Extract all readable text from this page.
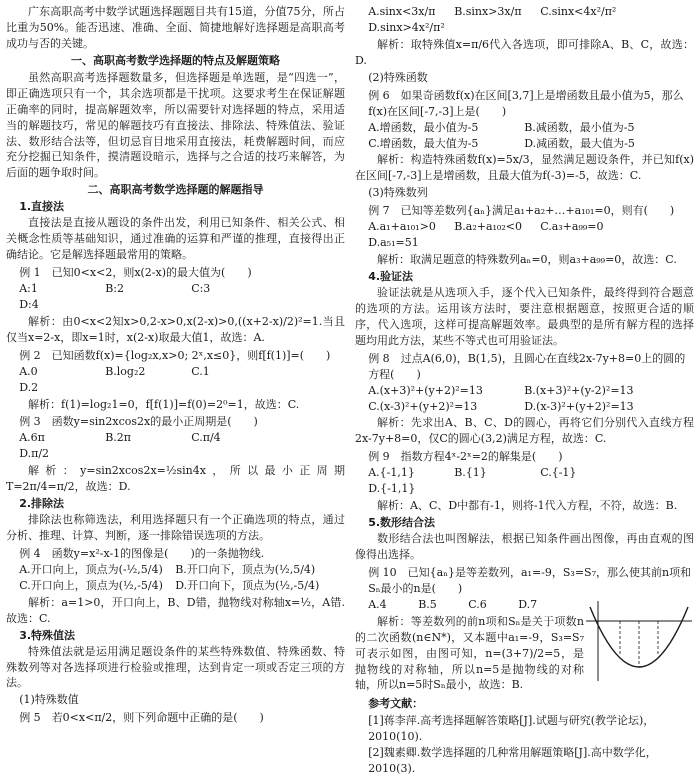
广东高职高考中数学试题选择题题目共有15道，分值75分，所占比重为50%。能否迅速、准确、全面、简捷地解好选择题是高职高考成功与否的关键。

一、高职高考数学选择题的特点及解题策略

虽然高职高考选择题数量多，但选择题是单选题，是“四选一”，即正确选项只有一个，其余选项都是干扰项。这要求考生在保证解题正确率的同时，提高解题效率，所以需要针对选择题的特点，采用适当的解题技巧，常见的解题技巧有直接法、排除法、特殊值法、验证法、数形结合法等，但切忌盲目地采用直接法，耗费解题时间，而应充分挖掘已知条件，摸清题设暗示，选择与之合适的技巧来解答，为后面的题争取时间。

二、高职高考数学选择题的解题指导

1.直接法

直接法是直接从题设的条件出发，利用已知条件、相关公式、相关概念性质等基础知识，通过准确的运算和严谨的推理，直接得出正确结论。它是解选择题最常用的策略。

例 1　已知0<x<2，则x(2-x)的最大值为(　　)

A:1	B:2	C:3
D:4

解析：由0<x<2知x>0,2-x>0,x(2-x)>0,((x+2-x)/2)²=1.当且仅当x=2-x，即x=1时，x(2-x)取最大值1，故选：A.

例 2　已知函数f(x)={log₂x,x>0; 2ˣ,x≤0}，则f[f(1)]=(　　)

A.0	B.log₂2	C.1
D.2

解析：f(1)=log₂1=0，f[f(1)]=f(0)=2⁰=1，故选：C.

例 3　函数y=sin2xcos2x的最小正周期是(　　)

A.6π	B.2π	C.π/4
D.π/2

解析：y=sin2xcos2x=½sin4x，所以最小正周期T=2π/4=π/2，故选：D.

2.排除法

排除法也称筛选法，利用选择题只有一个正确选项的特点，通过分析、推理、计算、判断，逐一排除错误选项的方法。

例 4　函数y=x²-x-1的图像是(　　)的一条抛物线.

A.开口向上，顶点为(-½,5/4)	B.开口向下，顶点为(½,5/4)
C.开口向上，顶点为(½,-5/4)	D.开口向下，顶点为(½,-5/4)

解析：a=1>0，开口向上，B、D错，抛物线对称轴x=½，A错.故选：C.

3.特殊值法

特殊值法就是运用满足题设条件的某些特殊数值、特殊函数、特殊数列等对各选择项进行检验或推理，达到肯定一项或否定三项的方法。

(1)特殊数值

例 5　若0<x<π/2，则下列命题中正确的是(　　)

A.sinx<3x/π	B.sinx>3x/π	C.sinx<4x²/π²
D.sinx>4x²/π²

解析：取特殊值x=π/6代入各选项，即可排除A、B、C，故选：D.

(2)特殊函数

例 6　如果奇函数f(x)在区间[3,7]上是增函数且最小值为5，那么f(x)在区间[-7,-3]上是(　　)

A.增函数，最小值为-5	B.减函数，最小值为-5
C.增函数，最大值为-5	D.减函数，最大值为-5

解析：构造特殊函数f(x)=5x/3，显然满足题设条件，并已知f(x)在区间[-7,-3]上是增函数，且最大值为f(-3)=-5，故选：C.

(3)特殊数列

例 7　已知等差数列{aₙ}满足a₁+a₂+…+a₁₀₁=0，则有(　　)

A.a₁+a₁₀₁>0	B.a₂+a₁₀₂<0	C.a₃+a₉₉=0
D.a₅₁=51

解析：取满足题意的特殊数列aₙ=0，则a₃+a₉₉=0，故选：C.

4.验证法

验证法就是从选项入手，逐个代入已知条件，最终得到符合题意的选项的方法。运用该方法时，要注意根据题意，按照更合适的顺序，代入选项，这样可提高解题效率。最典型的是所有解方程的选择题均用此方法，某些不等式也可用验证法。

例 8　过点A(6,0)，B(1,5)，且圆心在直线2x-7y+8=0上的圆的方程(　　)

A.(x+3)²+(y+2)²=13	B.(x+3)²+(y-2)²=13
C.(x-3)²+(y+2)²=13	D.(x-3)²+(y+2)²=13

解析：先求出A、B、C、D的圆心，再将它们分别代入直线方程2x-7y+8=0，仅C的圆心(3,2)满足方程，故选：C.

例 9　指数方程4ˣ-2ˣ=2的解集是(　　)

A.{-1,1}	B.{1}	C.{-1}
D.{-1,1}

解析：A、C、D中都有-1，则将-1代入方程，不符，故选：B.

5.数形结合法

数形结合法也叫图解法，根据已知条件画出图像，再由直观的图像得出选择。

例 10　已知{aₙ}是等差数列，a₁=-9，S₃=S₇，那么使其前n项和Sₙ最小的n是(　　)

A.4	B.5	C.6	D.7

解析：等差数列的前n项和Sₙ是关于项数n的二次函数(n∈N*)，又本题中a₁=-9，S₃=S₇可表示如图，由图可知，n=(3+7)/2=5，是抛物线的对称轴，所以n=5是抛物线的对称轴，所以n=5时Sₙ最小，故选：B.

参考文献：

[1]蒋李萍.高考选择题解答策略[J].试题与研究(教学论坛)，2010(10).

[2]魏素卿.数学选择题的几种常用解题策略[J].高中数学化，2010(3).
